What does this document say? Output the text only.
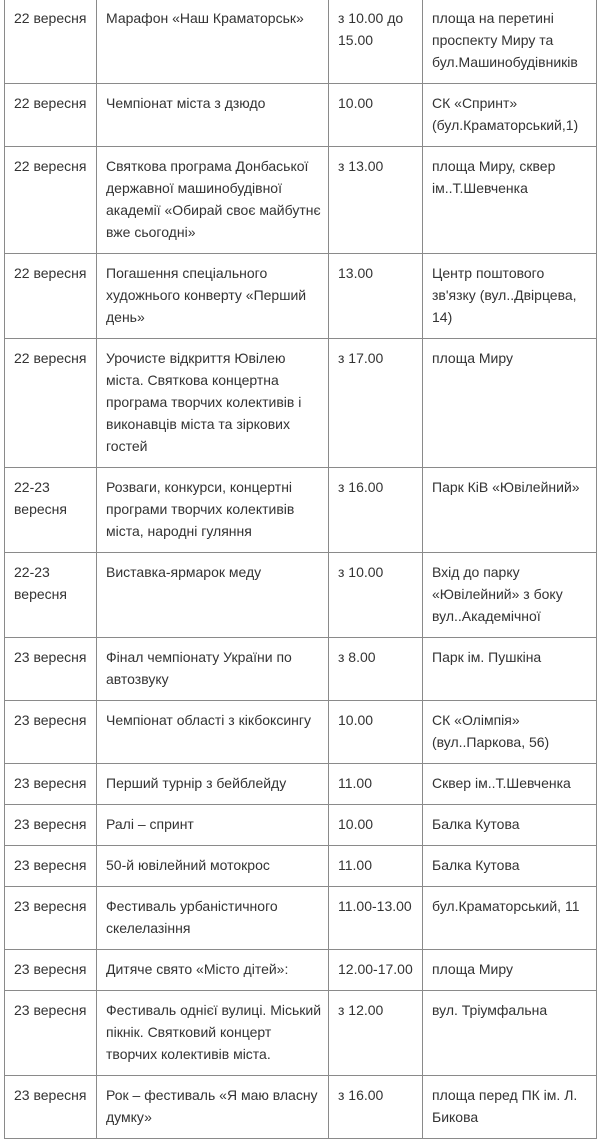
22 вересня	Марафон «Наш Краматорськ»	з 10.00 до 15.00	площа на перетині проспекту Миру та бул.Машинобудівників
22 вересня	Чемпіонат міста з дзюдо	10.00	СК «Спринт» (бул.Краматорський,1)
22 вересня	Святкова програма Донбаської державної машинобудівної академії «Обирай своє майбутнє вже сьогодні»	з 13.00	площа Миру, сквер ім..Т.Шевченка
22 вересня	Погашення спеціального художнього конверту «Перший день»	13.00	Центр поштового зв'язку (вул..Двірцева, 14)
22 вересня	Урочисте відкриття Ювілею міста. Святкова концертна програма творчих колективів і виконавців міста та зіркових гостей	з 17.00	площа Миру
22-23 вересня	Розваги, конкурси, концертні програми творчих колективів міста, народні гуляння	з 16.00	Парк КіВ «Ювілейний»
22-23 вересня	Виставка-ярмарок меду	з 10.00	Вхід до парку «Ювілейний» з боку вул..Академічної
23 вересня	Фінал чемпіонату України по автозвуку	з 8.00	Парк ім. Пушкіна
23 вересня	Чемпіонат області з кікбоксингу	10.00	СК «Олімпія» (вул..Паркова, 56)
23 вересня	Перший турнір з бейблейду	11.00	Сквер ім..Т.Шевченка
23 вересня	Ралі – спринт	10.00	Балка Кутова
23 вересня	50-й ювілейний мотокрос	11.00	Балка Кутова
23 вересня	Фестиваль урбаністичного скелелазіння	11.00-13.00	бул.Краматорський, 11
23 вересня	Дитяче свято «Місто дітей»:	12.00-17.00	площа Миру
23 вересня	Фестиваль однієї вулиці. Міський пікнік. Святковий концерт творчих колективів міста.	з 12.00	вул. Тріумфальна
23 вересня	Рок – фестиваль «Я маю власну думку»	з 16.00	площа перед ПК ім. Л. Бикова
